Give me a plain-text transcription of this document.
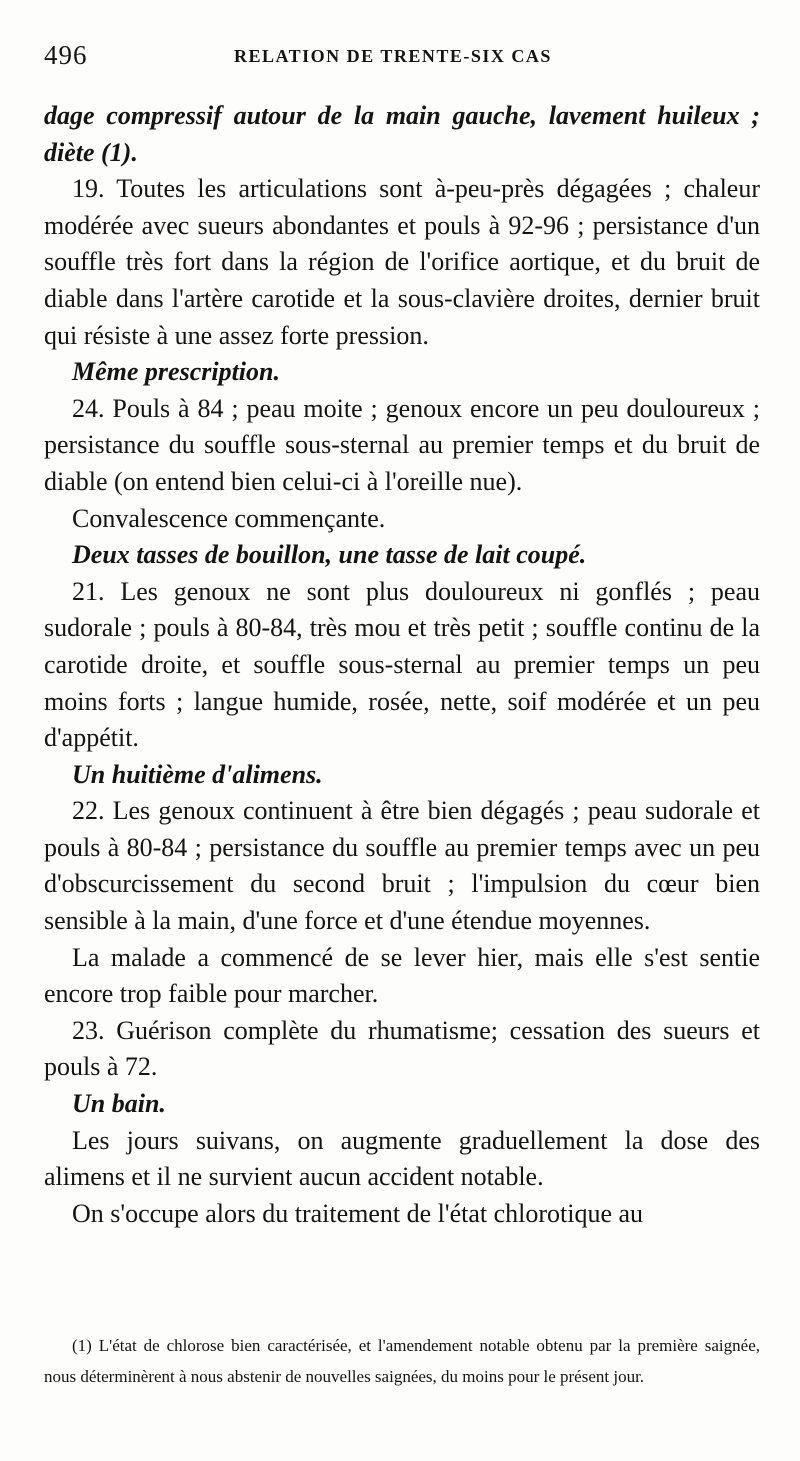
496	RELATION DE TRENTE-SIX CAS

dage compressif autour de la main gauche, lavement huileux ; diète (1).

19. Toutes les articulations sont à-peu-près dégagées ; chaleur modérée avec sueurs abondantes et pouls à 92-96 ; persistance d'un souffle très fort dans la région de l'orifice aortique, et du bruit de diable dans l'artère carotide et la sous-clavière droites, dernier bruit qui résiste à une assez forte pression.

Même prescription.

24. Pouls à 84 ; peau moite ; genoux encore un peu douloureux ; persistance du souffle sous-sternal au premier temps et du bruit de diable (on entend bien celui-ci à l'oreille nue).

Convalescence commençante.

Deux tasses de bouillon, une tasse de lait coupé.

21. Les genoux ne sont plus douloureux ni gonflés ; peau sudorale ; pouls à 80-84, très mou et très petit ; souffle continu de la carotide droite, et souffle sous-sternal au premier temps un peu moins forts ; langue humide, rosée, nette, soif modérée et un peu d'appétit.

Un huitième d'alimens.

22. Les genoux continuent à être bien dégagés ; peau sudorale et pouls à 80-84 ; persistance du souffle au premier temps avec un peu d'obscurcissement du second bruit ; l'impulsion du cœur bien sensible à la main, d'une force et d'une étendue moyennes.

La malade a commencé de se lever hier, mais elle s'est sentie encore trop faible pour marcher.

23. Guérison complète du rhumatisme; cessation des sueurs et pouls à 72.

Un bain.

Les jours suivans, on augmente graduellement la dose des alimens et il ne survient aucun accident notable.

On s'occupe alors du traitement de l'état chlorotique au

(1) L'état de chlorose bien caractérisée, et l'amendement notable obtenu par la première saignée, nous déterminèrent à nous abstenir de nouvelles saignées, du moins pour le présent jour.
